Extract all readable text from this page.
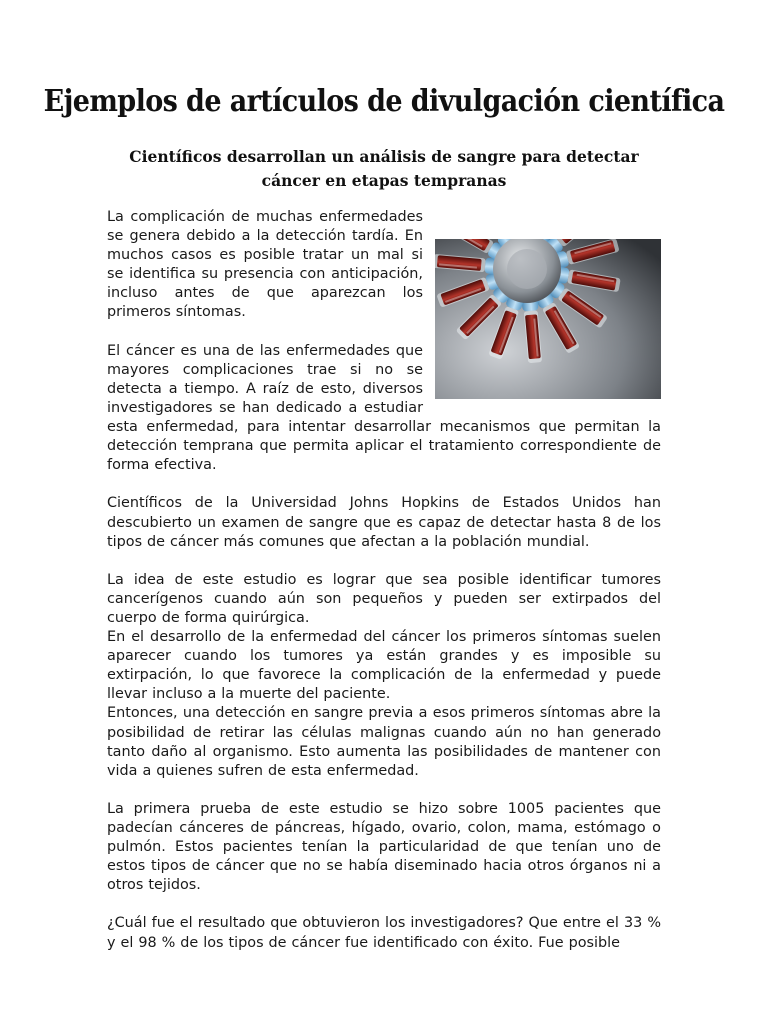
Ejemplos de artículos de divulgación científica
Científicos desarrollan un análisis de sangre para detectar cáncer en etapas tempranas

La complicación de muchas enfermedades se genera debido a la detección tardía. En muchos casos es posible tratar un mal si se identifica su presencia con anticipación, incluso antes de que aparezcan los primeros síntomas.

El cáncer es una de las enfermedades que mayores complicaciones trae si no se detecta a tiempo. A raíz de esto, diversos investigadores se han dedicado a estudiar esta enfermedad, para intentar desarrollar mecanismos que permitan la detección temprana que permita aplicar el tratamiento correspondiente de forma efectiva.

Científicos de la Universidad Johns Hopkins de Estados Unidos han descubierto un examen de sangre que es capaz de detectar hasta 8 de los tipos de cáncer más comunes que afectan a la población mundial.

La idea de este estudio es lograr que sea posible identificar tumores cancerígenos cuando aún son pequeños y pueden ser extirpados del cuerpo de forma quirúrgica.

En el desarrollo de la enfermedad del cáncer los primeros síntomas suelen aparecer cuando los tumores ya están grandes y es imposible su extirpación, lo que favorece la complicación de la enfermedad y puede llevar incluso a la muerte del paciente.

Entonces, una detección en sangre previa a esos primeros síntomas abre la posibilidad de retirar las células malignas cuando aún no han generado tanto daño al organismo. Esto aumenta las posibilidades de mantener con vida a quienes sufren de esta enfermedad.

La primera prueba de este estudio se hizo sobre 1005 pacientes que padecían cánceres de páncreas, hígado, ovario, colon, mama, estómago o pulmón. Estos pacientes tenían la particularidad de que tenían uno de estos tipos de cáncer que no se había diseminado hacia otros órganos ni a otros tejidos.

¿Cuál fue el resultado que obtuvieron los investigadores? Que entre el 33 % y el 98 % de los tipos de cáncer fue identificado con éxito. Fue posible
